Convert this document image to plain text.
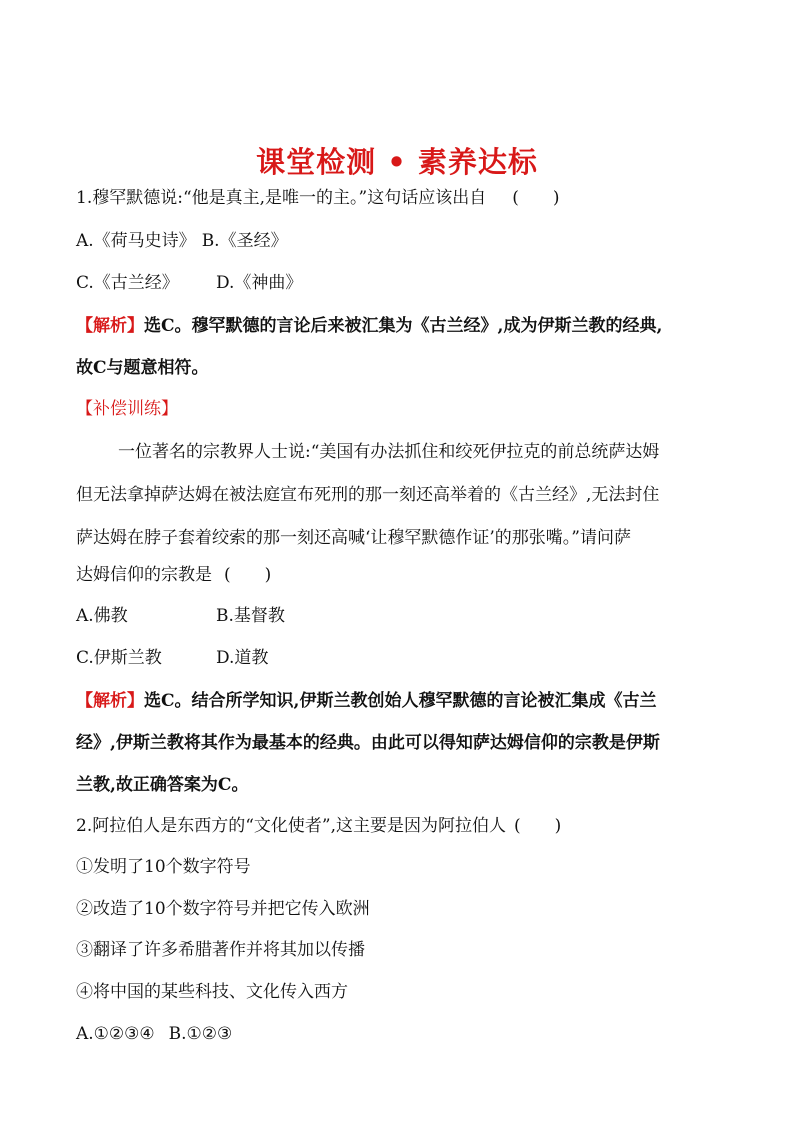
课堂检测 • 素养达标
1.穆罕默德说:“他是真主,是唯一的主。”这句话应该出自 (　　)
A.《荷马史诗》 B.《圣经》
C.《古兰经》 D.《神曲》
【解析】选C。穆罕默德的言论后来被汇集为《古兰经》,成为伊斯兰教的经典,
故C与题意相符。
【补偿训练】
一位著名的宗教界人士说:“美国有办法抓住和绞死伊拉克的前总统萨达姆
但无法拿掉萨达姆在被法庭宣布死刑的那一刻还高举着的《古兰经》,无法封住
萨达姆在脖子套着绞索的那一刻还高喊‘让穆罕默德作证’的那张嘴。”请问萨
达姆信仰的宗教是 (　　)
A.佛教	B.基督教
C.伊斯兰教	D.道教
【解析】选C。结合所学知识,伊斯兰教创始人穆罕默德的言论被汇集成《古兰
经》,伊斯兰教将其作为最基本的经典。由此可以得知萨达姆信仰的宗教是伊斯
兰教,故正确答案为C。
2.阿拉伯人是东西方的“文化使者”,这主要是因为阿拉伯人 (　　)
①发明了10个数字符号
②改造了10个数字符号并把它传入欧洲
③翻译了许多希腊著作并将其加以传播
④将中国的某些科技、文化传入西方
A.①②③④ B.①②③
